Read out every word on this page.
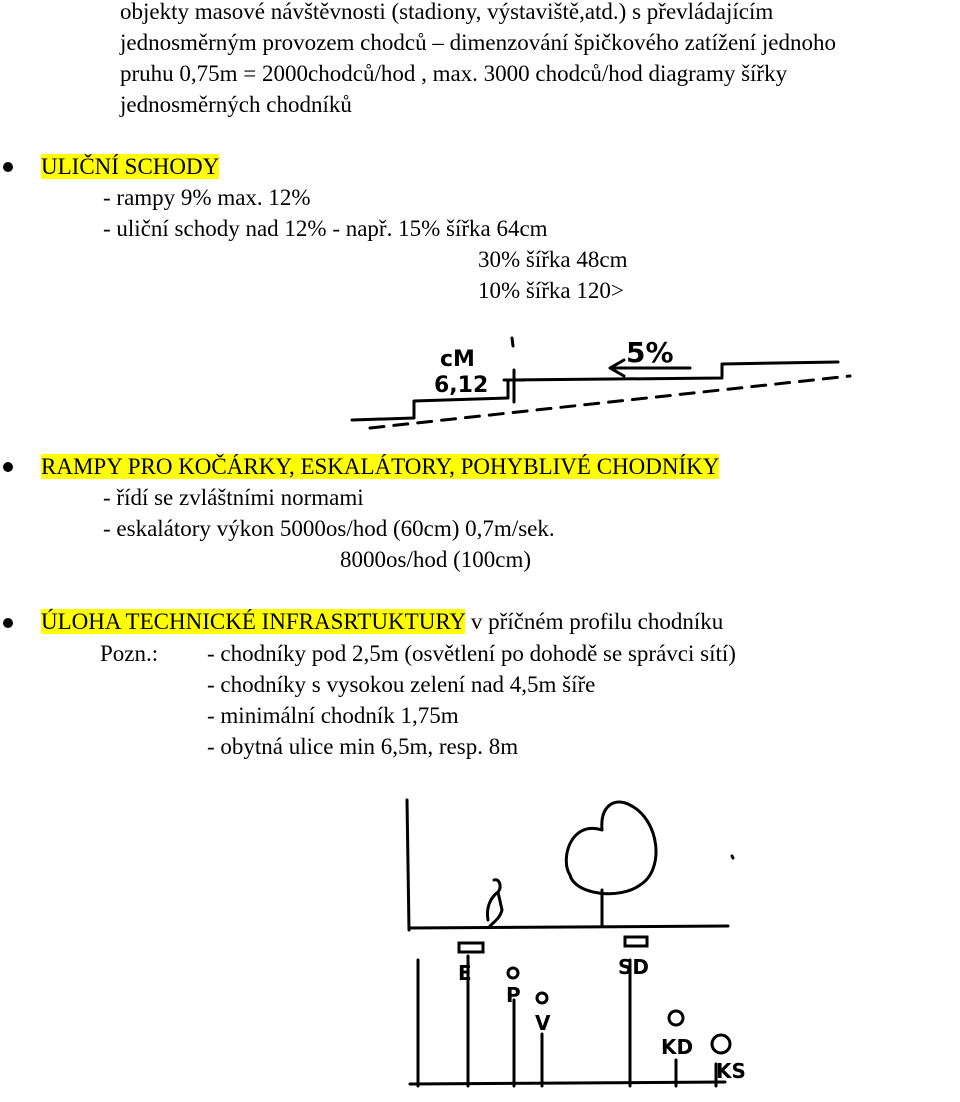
objekty masové návštěvnosti (stadiony, výstaviště,atd.) s převládajícím
jednosměrným provozem chodců – dimenzování špičkového zatížení jednoho
pruhu 0,75m = 2000chodců/hod , max. 3000 chodců/hod diagramy šířky
jednosměrných chodníků
ULIČNÍ SCHODY
- rampy 9% max. 12%
- uliční schody nad 12% - např. 15% šířka 64cm
30% šířka 48cm
10% šířka 120>
RAMPY PRO KOČÁRKY, ESKALÁTORY, POHYBLIVÉ CHODNÍKY
- řídí se zvláštními normami
- eskalátory výkon 5000os/hod (60cm) 0,7m/sek.
8000os/hod (100cm)
ÚLOHA TECHNICKÉ INFRASRTUKTURY v příčném profilu chodníku
Pozn.: - chodníky pod 2,5m (osvětlení po dohodě se správci sítí)
- chodníky s vysokou zelení nad 4,5m šíře
- minimální chodník 1,75m
- obytná ulice min 6,5m, resp. 8m
cM
6,12
5%
E
P
V
SD
KD
KS
